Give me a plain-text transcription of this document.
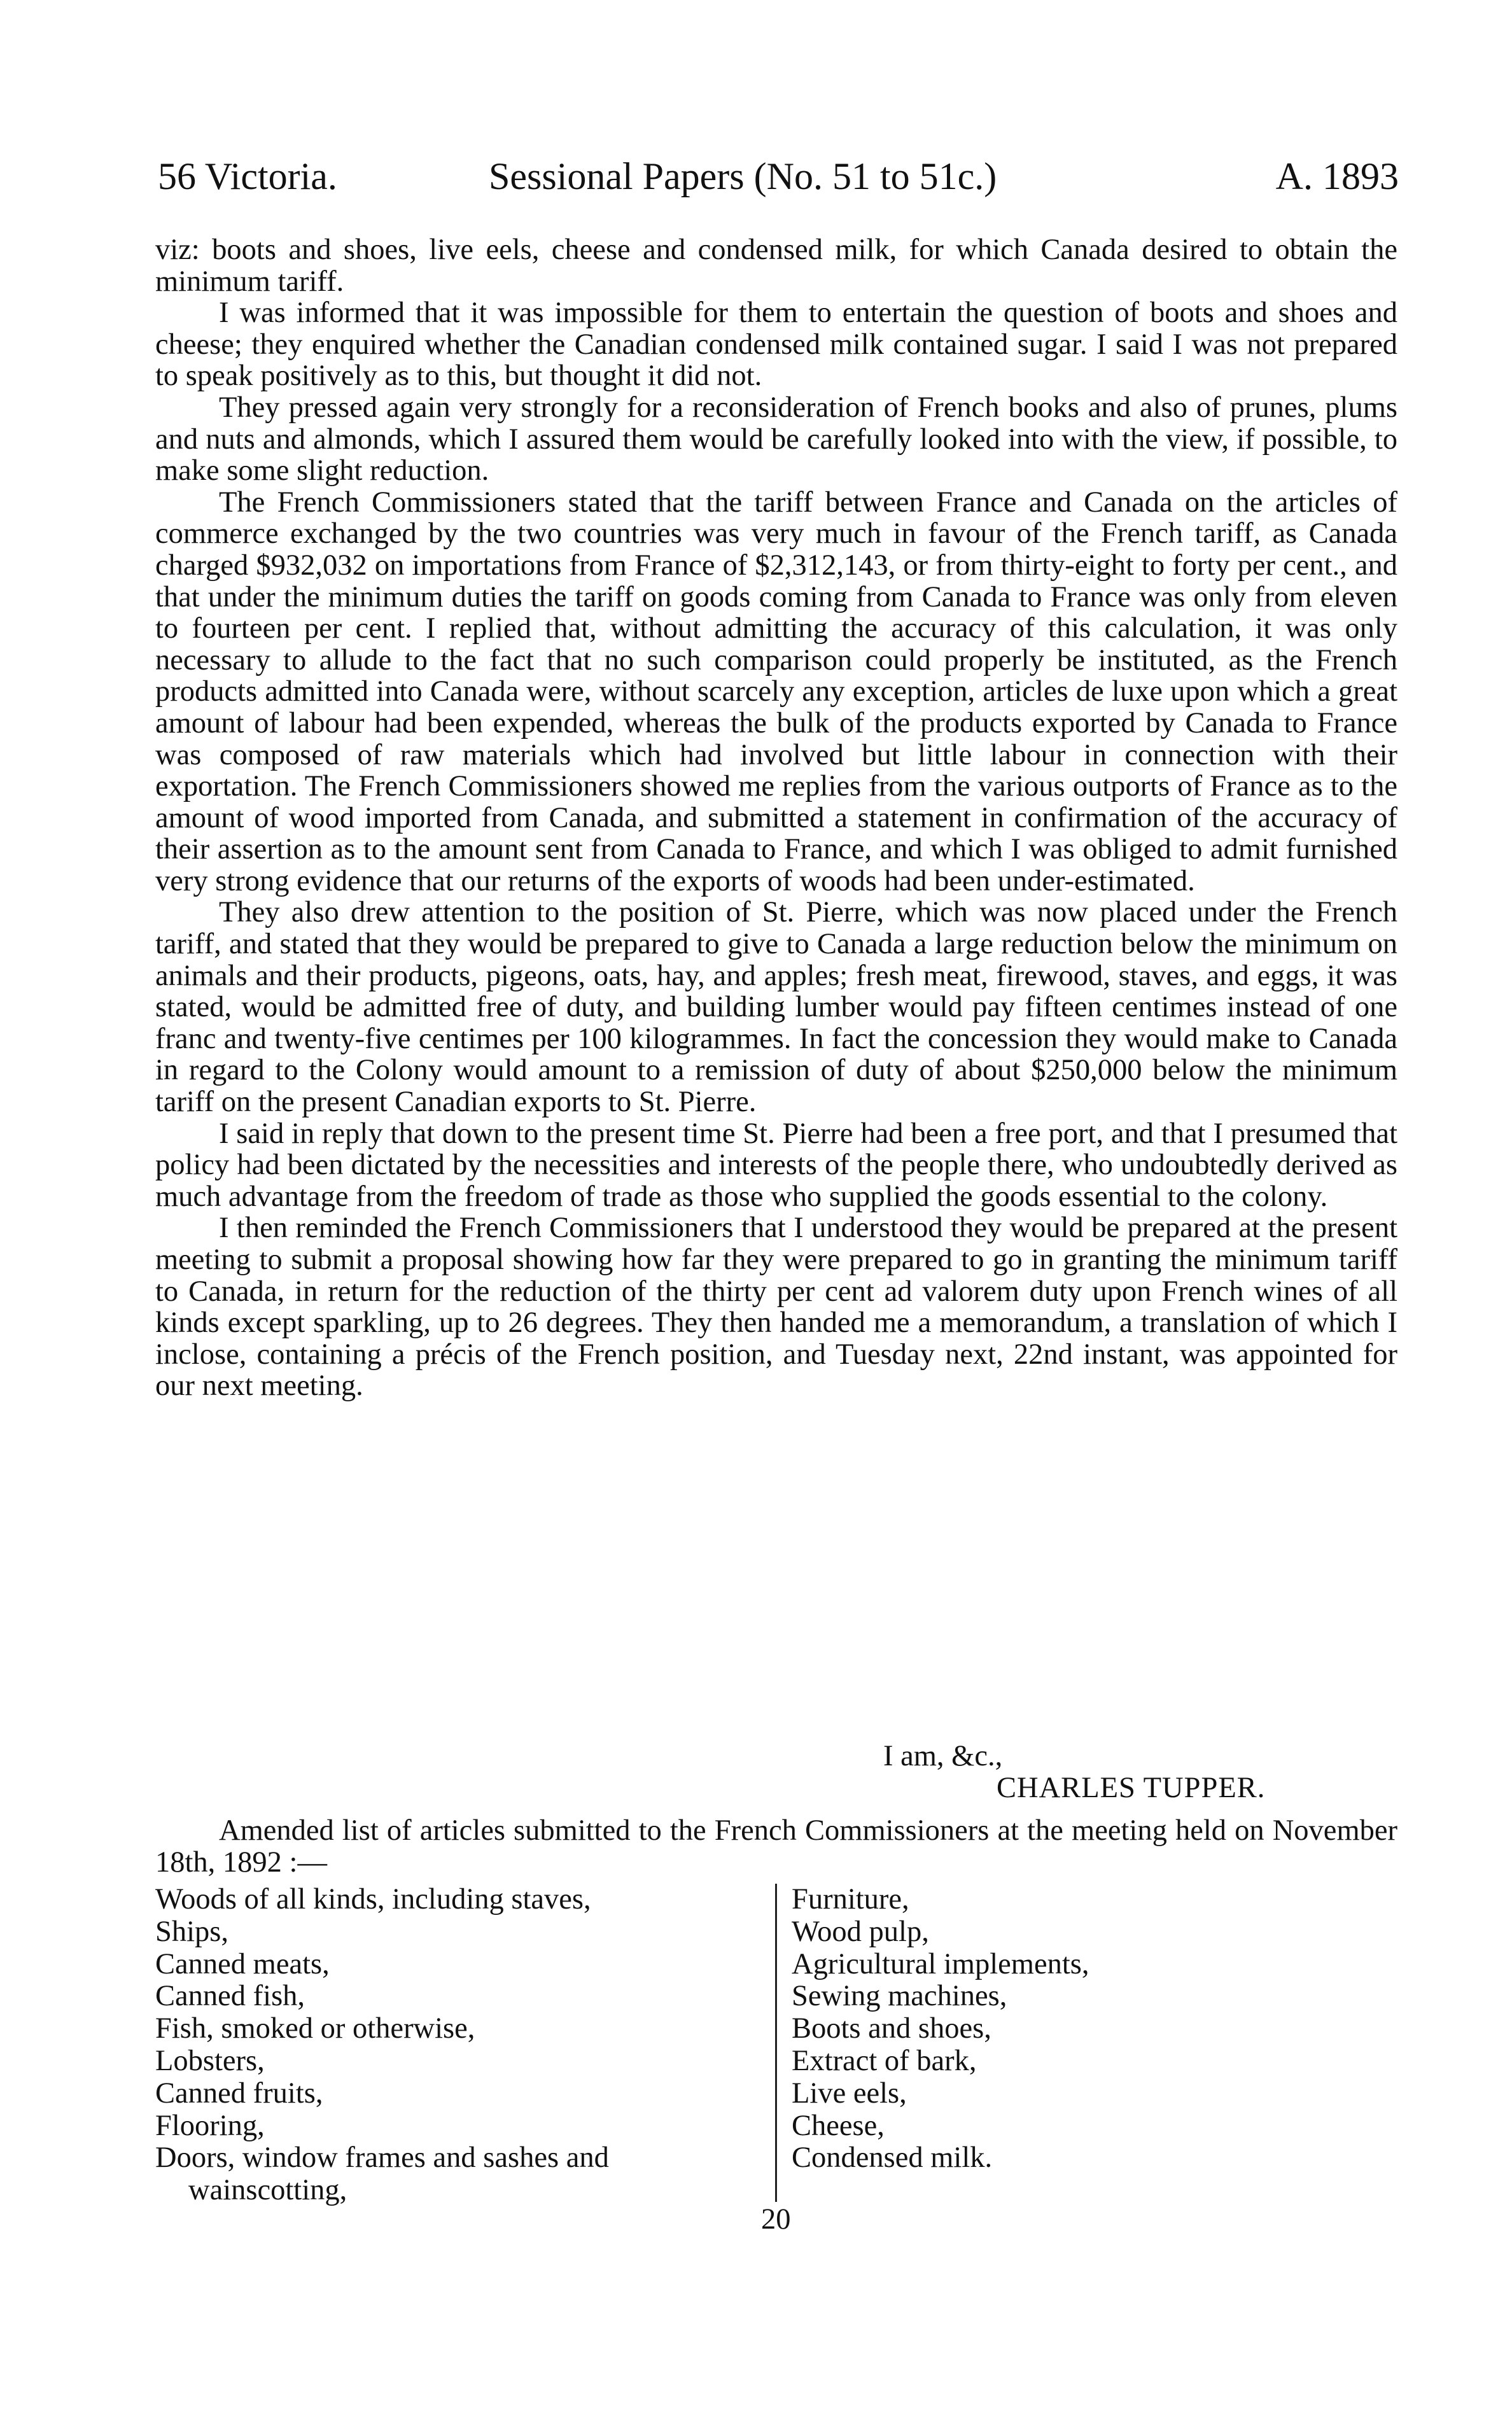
56 Victoria.	Sessional Papers (No. 51 to 51c.)	A. 1893

viz: boots and shoes, live eels, cheese and condensed milk, for which Canada desired to obtain the minimum tariff.

I was informed that it was impossible for them to entertain the question of boots and shoes and cheese; they enquired whether the Canadian condensed milk contained sugar. I said I was not prepared to speak positively as to this, but thought it did not.

They pressed again very strongly for a reconsideration of French books and also of prunes, plums and nuts and almonds, which I assured them would be carefully looked into with the view, if possible, to make some slight reduction.

The French Commissioners stated that the tariff between France and Canada on the articles of commerce exchanged by the two countries was very much in favour of the French tariff, as Canada charged $932,032 on importations from France of $2,312,143, or from thirty-eight to forty per cent., and that under the minimum duties the tariff on goods coming from Canada to France was only from eleven to fourteen per cent. I replied that, without admitting the accuracy of this calculation, it was only necessary to allude to the fact that no such comparison could properly be instituted, as the French products admitted into Canada were, without scarcely any exception, articles de luxe upon which a great amount of labour had been expended, whereas the bulk of the products exported by Canada to France was composed of raw materials which had involved but little labour in connection with their exportation. The French Commissioners showed me replies from the various outports of France as to the amount of wood imported from Canada, and submitted a statement in confirmation of the accuracy of their assertion as to the amount sent from Canada to France, and which I was obliged to admit furnished very strong evidence that our returns of the exports of woods had been under-estimated.

They also drew attention to the position of St. Pierre, which was now placed under the French tariff, and stated that they would be prepared to give to Canada a large reduction below the minimum on animals and their products, pigeons, oats, hay, and apples; fresh meat, firewood, staves, and eggs, it was stated, would be admitted free of duty, and building lumber would pay fifteen centimes instead of one franc and twenty-five centimes per 100 kilogrammes. In fact the concession they would make to Canada in regard to the Colony would amount to a remission of duty of about $250,000 below the minimum tariff on the present Canadian exports to St. Pierre.

I said in reply that down to the present time St. Pierre had been a free port, and that I presumed that policy had been dictated by the necessities and interests of the people there, who undoubtedly derived as much advantage from the freedom of trade as those who supplied the goods essential to the colony.

I then reminded the French Commissioners that I understood they would be prepared at the present meeting to submit a proposal showing how far they were prepared to go in granting the minimum tariff to Canada, in return for the reduction of the thirty per cent ad valorem duty upon French wines of all kinds except sparkling, up to 26 degrees. They then handed me a memorandum, a translation of which I inclose, containing a précis of the French position, and Tuesday next, 22nd instant, was appointed for our next meeting.

I am, &c.,
CHARLES TUPPER.

Amended list of articles submitted to the French Commissioners at the meeting held on November 18th, 1892 :—

Woods of all kinds, including staves,
Ships,
Canned meats,
Canned fish,
Fish, smoked or otherwise,
Lobsters,
Canned fruits,
Flooring,
Doors, window frames and sashes and
wainscotting,
Furniture,
Wood pulp,
Agricultural implements,
Sewing machines,
Boots and shoes,
Extract of bark,
Live eels,
Cheese,
Condensed milk.
20
